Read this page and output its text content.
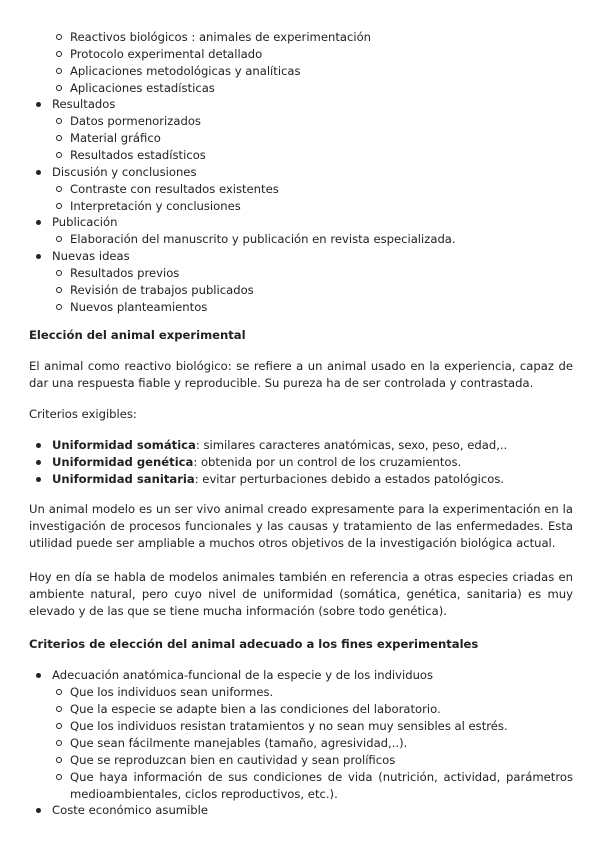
Reactivos biológicos : animales de experimentación
Protocolo experimental detallado
Aplicaciones metodológicas y analíticas
Aplicaciones estadísticas
Resultados
Datos pormenorizados
Material gráfico
Resultados estadísticos
Discusión y conclusiones
Contraste con resultados existentes
Interpretación y conclusiones
Publicación
Elaboración del manuscrito y publicación en revista especializada.
Nuevas ideas
Resultados previos
Revisión de trabajos publicados
Nuevos planteamientos
Elección del animal experimental
El animal como reactivo biológico: se refiere a un animal usado en la experiencia, capaz de dar una respuesta fiable y reproducible. Su pureza ha de ser controlada y contrastada.
Criterios exigibles:
Uniformidad somática: similares caracteres anatómicas, sexo, peso, edad,..
Uniformidad genética: obtenida por un control de los cruzamientos.
Uniformidad sanitaria: evitar perturbaciones debido a estados patológicos.
Un animal modelo es un ser vivo animal creado expresamente para la experimentación en la investigación de procesos funcionales y las causas y tratamiento de las enfermedades. Esta utilidad puede ser ampliable a muchos otros objetivos de la investigación biológica actual.
Hoy en día se habla de modelos animales también en referencia a otras especies criadas en ambiente natural, pero cuyo nivel de uniformidad (somática, genética, sanitaria) es muy elevado y de las que se tiene mucha información (sobre todo genética).
Criterios de elección del animal adecuado a los fines experimentales
Adecuación anatómica-funcional de la especie y de los individuos
Que los individuos sean uniformes.
Que la especie se adapte bien a las condiciones del laboratorio.
Que los individuos resistan tratamientos y no sean muy sensibles al estrés.
Que sean fácilmente manejables (tamaño, agresividad,..).
Que se reproduzcan bien en cautividad y sean prolíficos
Que haya información de sus condiciones de vida (nutrición, actividad, parámetros medioambientales, ciclos reproductivos, etc.).
Coste económico asumible
